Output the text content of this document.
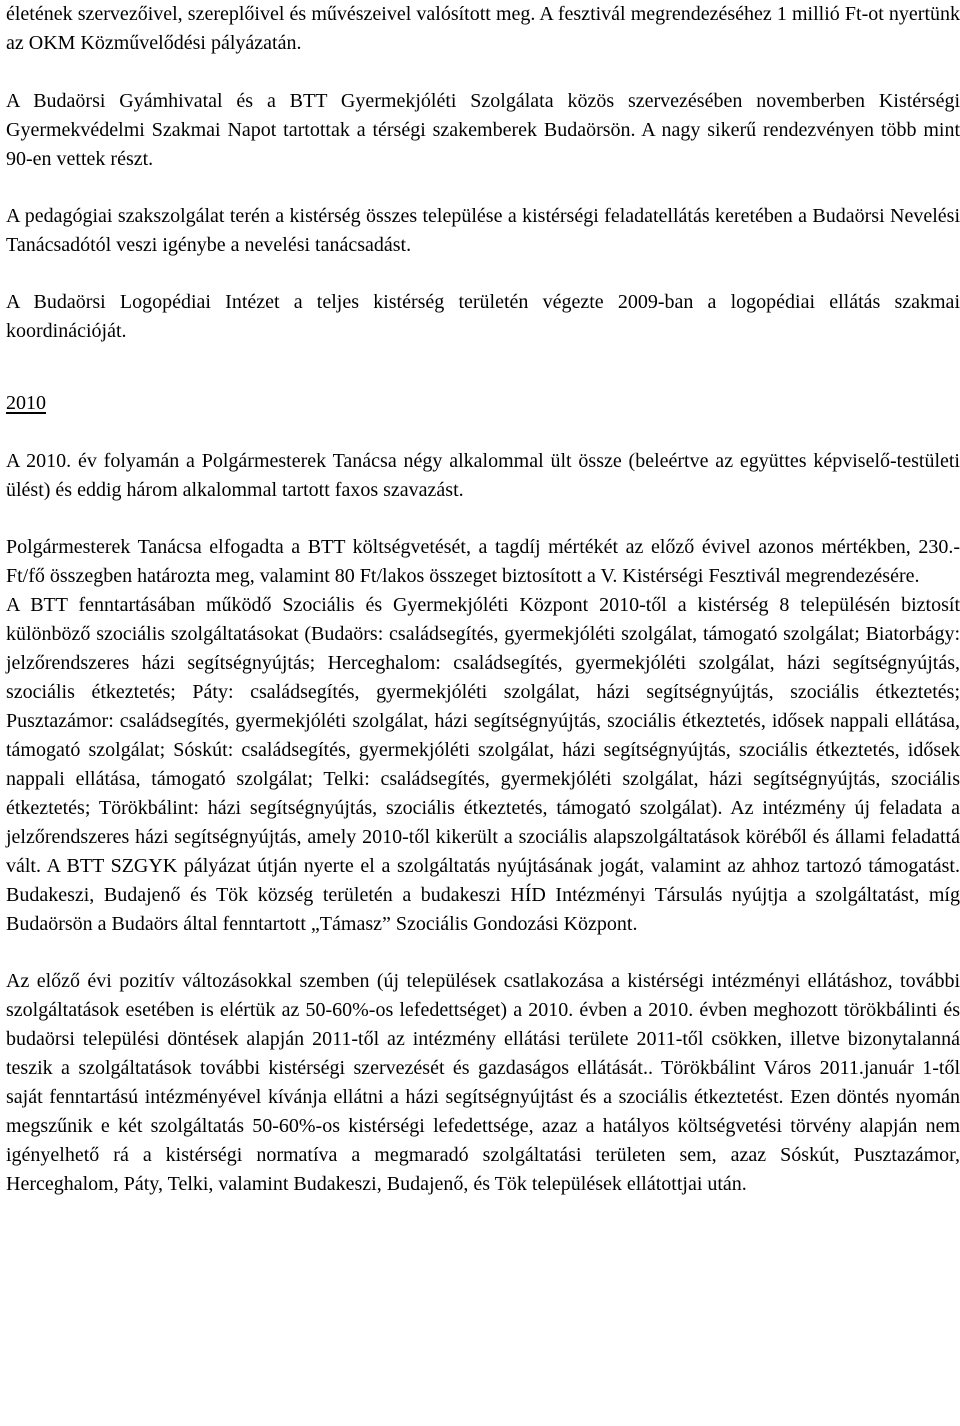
életének szervezőivel, szereplőivel és művészeivel valósított meg. A fesztivál megrendezéséhez 1 millió Ft-ot nyertünk az OKM Közművelődési pályázatán.

A Budaörsi Gyámhivatal és a BTT Gyermekjóléti Szolgálata közös szervezésében novemberben Kistérségi Gyermekvédelmi Szakmai Napot tartottak a térségi szakemberek Budaörsön. A nagy sikerű rendezvényen több mint 90-en vettek részt.

A pedagógiai szakszolgálat terén a kistérség összes települése a kistérségi feladatellátás keretében a Budaörsi Nevelési Tanácsadótól veszi igénybe a nevelési tanácsadást.

A Budaörsi Logopédiai Intézet a teljes kistérség területén végezte 2009-ban a logopédiai ellátás szakmai koordinációját.

2010

A 2010. év folyamán a Polgármesterek Tanácsa négy alkalommal ült össze (beleértve az együttes képviselő-testületi ülést) és eddig három alkalommal tartott faxos szavazást.

Polgármesterek Tanácsa elfogadta a BTT költségvetését, a tagdíj mértékét az előző évivel azonos mértékben, 230.- Ft/fő összegben határozta meg, valamint 80 Ft/lakos összeget biztosított a V. Kistérségi Fesztivál megrendezésére.

A BTT fenntartásában működő Szociális és Gyermekjóléti Központ 2010-től a kistérség 8 településén biztosít különböző szociális szolgáltatásokat (Budaörs: családsegítés, gyermekjóléti szolgálat, támogató szolgálat; Biatorbágy: jelzőrendszeres házi segítségnyújtás; Herceghalom: családsegítés, gyermekjóléti szolgálat, házi segítségnyújtás, szociális étkeztetés; Páty: családsegítés, gyermekjóléti szolgálat, házi segítségnyújtás, szociális étkeztetés; Pusztazámor: családsegítés, gyermekjóléti szolgálat, házi segítségnyújtás, szociális étkeztetés, idősek nappali ellátása, támogató szolgálat; Sóskút: családsegítés, gyermekjóléti szolgálat, házi segítségnyújtás, szociális étkeztetés, idősek nappali ellátása, támogató szolgálat; Telki: családsegítés, gyermekjóléti szolgálat, házi segítségnyújtás, szociális étkeztetés; Törökbálint: házi segítségnyújtás, szociális étkeztetés, támogató szolgálat). Az intézmény új feladata a jelzőrendszeres házi segítségnyújtás, amely 2010-től kikerült a szociális alapszolgáltatások köréből és állami feladattá vált. A BTT SZGYK pályázat útján nyerte el a szolgáltatás nyújtásának jogát, valamint az ahhoz tartozó támogatást. Budakeszi, Budajenő és Tök község területén a budakeszi HÍD Intézményi Társulás nyújtja a szolgáltatást, míg Budaörsön a Budaörs által fenntartott „Támasz” Szociális Gondozási Központ.

Az előző évi pozitív változásokkal szemben (új települések csatlakozása a kistérségi intézményi ellátáshoz, további szolgáltatások esetében is elértük az 50-60%-os lefedettséget) a 2010. évben a 2010. évben meghozott törökbálinti és budaörsi települési döntések alapján 2011-től az intézmény ellátási területe 2011-től csökken, illetve bizonytalanná teszik a szolgáltatások további kistérségi szervezését és gazdaságos ellátását.. Törökbálint Város 2011.január 1-től saját fenntartású intézményével kívánja ellátni a házi segítségnyújtást és a szociális étkeztetést. Ezen döntés nyomán megszűnik e két szolgáltatás 50-60%-os kistérségi lefedettsége, azaz a hatályos költségvetési törvény alapján nem igényelhető rá a kistérségi normatíva a megmaradó szolgáltatási területen sem, azaz Sóskút, Pusztazámor, Herceghalom, Páty, Telki, valamint Budakeszi, Budajenő, és Tök települések ellátottjai után.
